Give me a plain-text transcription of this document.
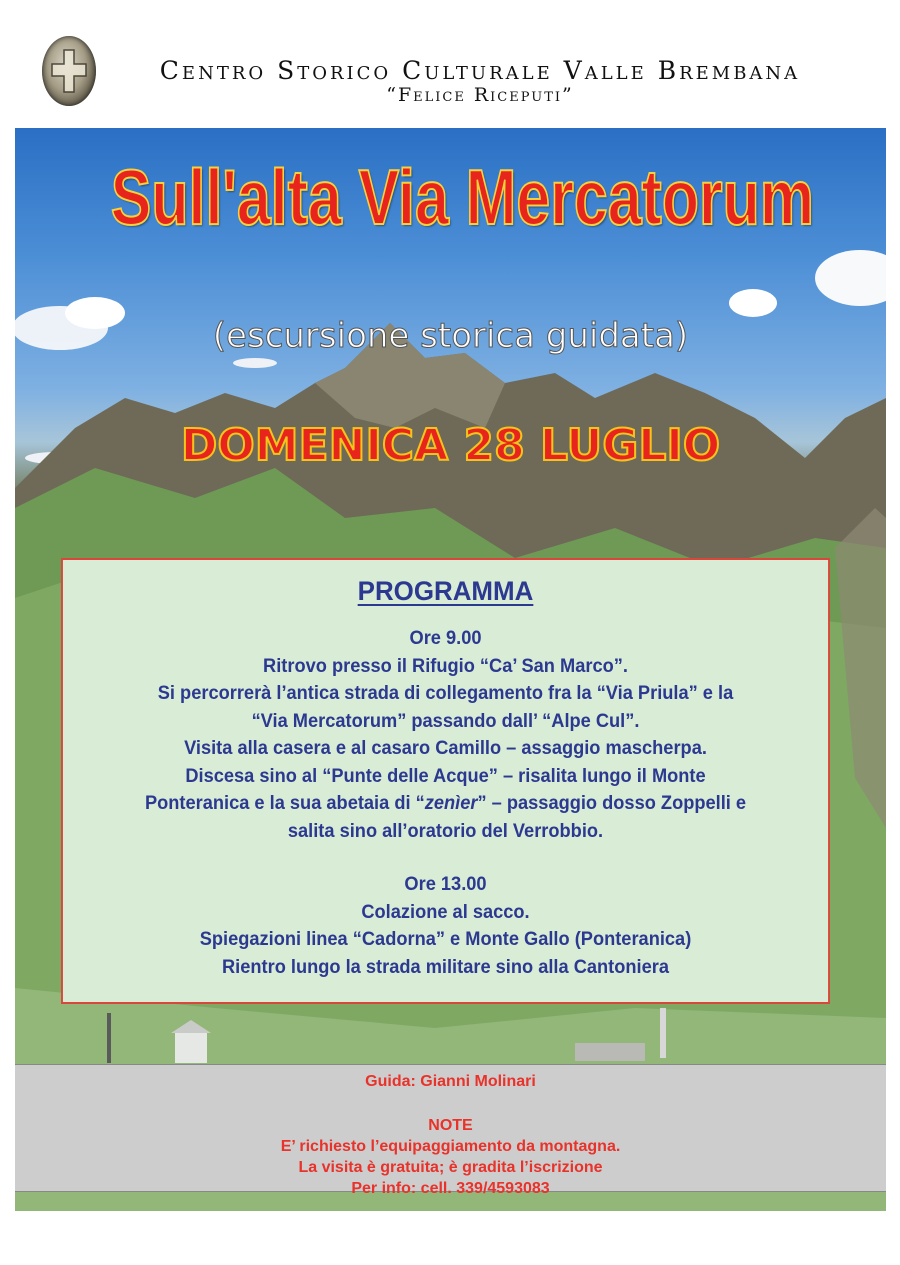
Centro Storico Culturale Valle Brembana
“Felice Riceputi”
Sull'alta Via Mercatorum
(escursione storica guidata)
DOMENICA 28 LUGLIO
PROGRAMMA
Ore 9.00
Ritrovo presso il Rifugio “Ca’ San Marco”.
Si percorrerà l’antica strada di collegamento fra la “Via Priula” e la
“Via Mercatorum” passando dall’ “Alpe Cul”.
Visita alla casera e al casaro Camillo – assaggio mascherpa.
Discesa sino al “Punte delle Acque” – risalita lungo il Monte
Ponteranica e la sua abetaia di “zenìer” – passaggio dosso Zoppelli e
salita sino all’oratorio del Verrobbio.
Ore 13.00
Colazione al sacco.
Spiegazioni linea “Cadorna” e Monte Gallo (Ponteranica)
Rientro lungo la strada militare sino alla Cantoniera
Guida: Gianni Molinari
NOTE
E’ richiesto l’equipaggiamento da montagna.
La visita è gratuita; è gradita l’iscrizione
Per info: cell. 339/4593083
